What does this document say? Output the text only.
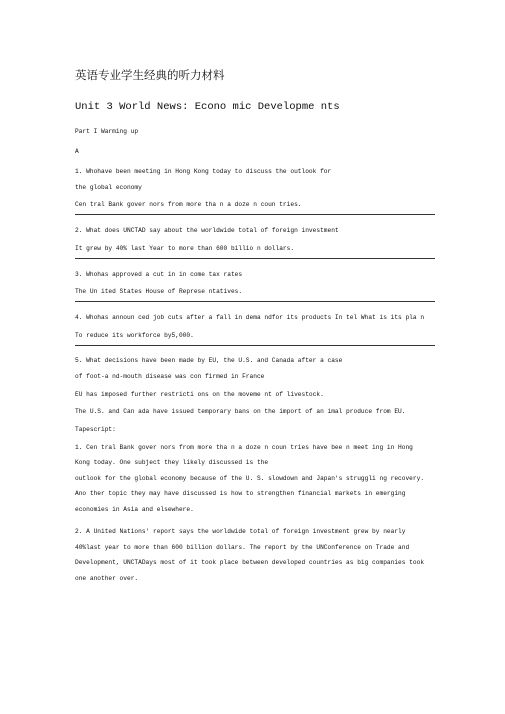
英语专业学生经典的听力材料
Unit 3 World News: Econo mic Developme nts
Part I Warming up
A
1. Whohave been meeting in Hong Kong today to discuss the outlook for
the global economy
Cen tral Bank gover nors from more tha n a doze n coun tries.
2. What does UNCTAD say about the worldwide total of foreign investment
It grew by 40% last Year to more than 600 billio n dollars.
3. Whohas approved a cut in in come tax rates
The Un ited States House of Represe ntatives.
4. Whohas announ ced job cuts after a fall in dema ndfor its products In tel What is its pla n
To reduce its workforce by5,000.
5. What decisions have been made by EU, the U.S. and Canada after a case
of foot-a nd-mouth disease was con firmed in France
EU has imposed further restricti ons on the moveme nt of livestock.
The U.S. and Can ada have issued temporary bans on the import of an imal produce from EU.
Tapescript:
1. Cen tral Bank gover nors from more tha n a doze n coun tries have bee n meet ing in Hong
Kong today. One subject they likely discussed is the
outlook for the global economy because of the U. S. slowdown and Japan's struggli ng recovery.
Ano ther topic they may have discussed is how to strengthen financial markets in emerging
economies in Asia and elsewhere.
2. A United Nations' report says the worldwide total of foreign investment grew by nearly
40%last year to more than 600 billion dollars. The report by the UNConference on Trade and
Development, UNCTADays most of it took place between developed countries as big companies took
one another over.
